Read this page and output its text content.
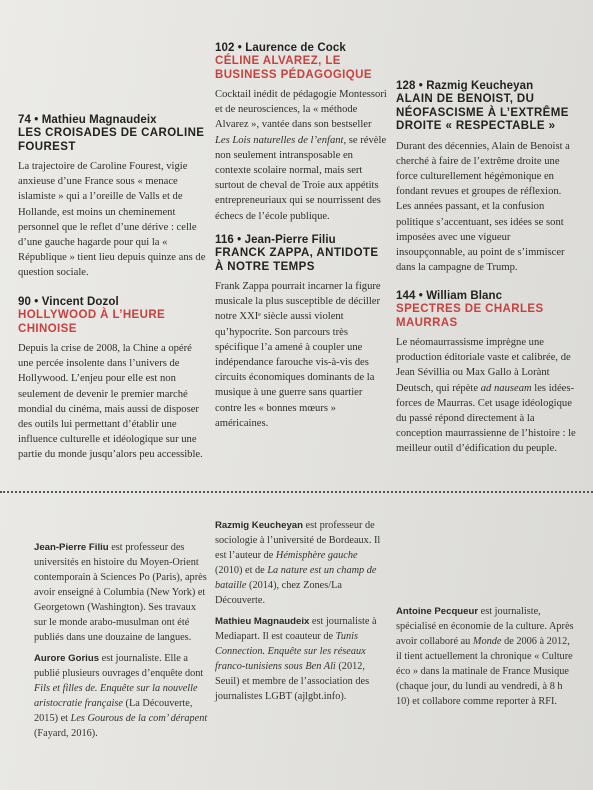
74 • Mathieu Magnaudeix
LES CROISADES DE CAROLINE FOUREST
La trajectoire de Caroline Fourest, vigie anxieuse d’une France sous « menace islamiste » qui a l’oreille de Valls et de Hollande, est moins un cheminement personnel que le reflet d’une dérive : celle d’une gauche hagarde pour qui la « République » tient lieu depuis quinze ans de question sociale.
102 • Laurence de Cock
CÉLINE ALVAREZ, LE BUSINESS PÉDAGOGIQUE
Cocktail inédit de pédagogie Montessori et de neurosciences, la « méthode Alvarez », vantée dans son bestseller Les Lois naturelles de l’enfant, se révèle non seulement intransposable en contexte scolaire normal, mais sert surtout de cheval de Troie aux appétits entrepreneuriaux qui se nourrissent des échecs de l’école publique.
128 • Razmig Keucheyan
ALAIN DE BENOIST, DU NÉOFASCISME À L’EXTRÊME DROITE « RESPECTABLE »
Durant des décennies, Alain de Benoist a cherché à faire de l’extrême droite une force culturellement hégémonique en fondant revues et groupes de réflexion. Les années passant, et la confusion politique s’accentuant, ses idées se sont imposées avec une vigueur insoupçonnable, au point de s’immiscer dans la campagne de Trump.
90 • Vincent Dozol
HOLLYWOOD À L’HEURE CHINOISE
Depuis la crise de 2008, la Chine a opéré une percée insolente dans l’univers de Hollywood. L’enjeu pour elle est non seulement de devenir le premier marché mondial du cinéma, mais aussi de disposer des outils lui permettant d’établir une influence culturelle et idéologique sur une partie du monde jusqu’alors peu accessible.
116 • Jean-Pierre Filiu
FRANCK ZAPPA, ANTIDOTE À NOTRE TEMPS
Frank Zappa pourrait incarner la figure musicale la plus susceptible de déciller notre XXIᵉ siècle aussi violent qu’hypocrite. Son parcours très spécifique l’a amené à coupler une indépendance farouche vis-à-vis des circuits économiques dominants de la musique à une guerre sans quartier contre les « bonnes mœurs » américaines.
144 • William Blanc
SPECTRES DE CHARLES MAURRAS
Le néomaurrassisme imprègne une production éditoriale vaste et calibrée, de Jean Sévillia ou Max Gallo à Lorànt Deutsch, qui répète ad nauseam les idées-forces de Maurras. Cet usage idéologique du passé répond directement à la conception maurrassienne de l’histoire : le meilleur outil d’édification du peuple.

Jean-Pierre Filiu est professeur des universités en histoire du Moyen-Orient contemporain à Sciences Po (Paris), après avoir enseigné à Columbia (New York) et Georgetown (Washington). Ses travaux sur le monde arabo-musulman ont été publiés dans une douzaine de langues.

Aurore Gorius est journaliste. Elle a publié plusieurs ouvrages d’enquête dont Fils et filles de. Enquête sur la nouvelle aristocratie française (La Découverte, 2015) et Les Gourous de la com’ dérapent (Fayard, 2016).

Razmig Keucheyan est professeur de sociologie à l’université de Bordeaux. Il est l’auteur de Hémisphère gauche (2010) et de La nature est un champ de bataille (2014), chez Zones/La Découverte.

Mathieu Magnaudeix est journaliste à Mediapart. Il est coauteur de Tunis Connection. Enquête sur les réseaux franco-tunisiens sous Ben Ali (2012, Seuil) et membre de l’association des journalistes LGBT (ajlgbt.info).

Antoine Pecqueur est journaliste, spécialisé en économie de la culture. Après avoir collaboré au Monde de 2006 à 2012, il tient actuellement la chronique « Culture éco » dans la matinale de France Musique (chaque jour, du lundi au vendredi, à 8 h 10) et collabore comme reporter à RFI.
